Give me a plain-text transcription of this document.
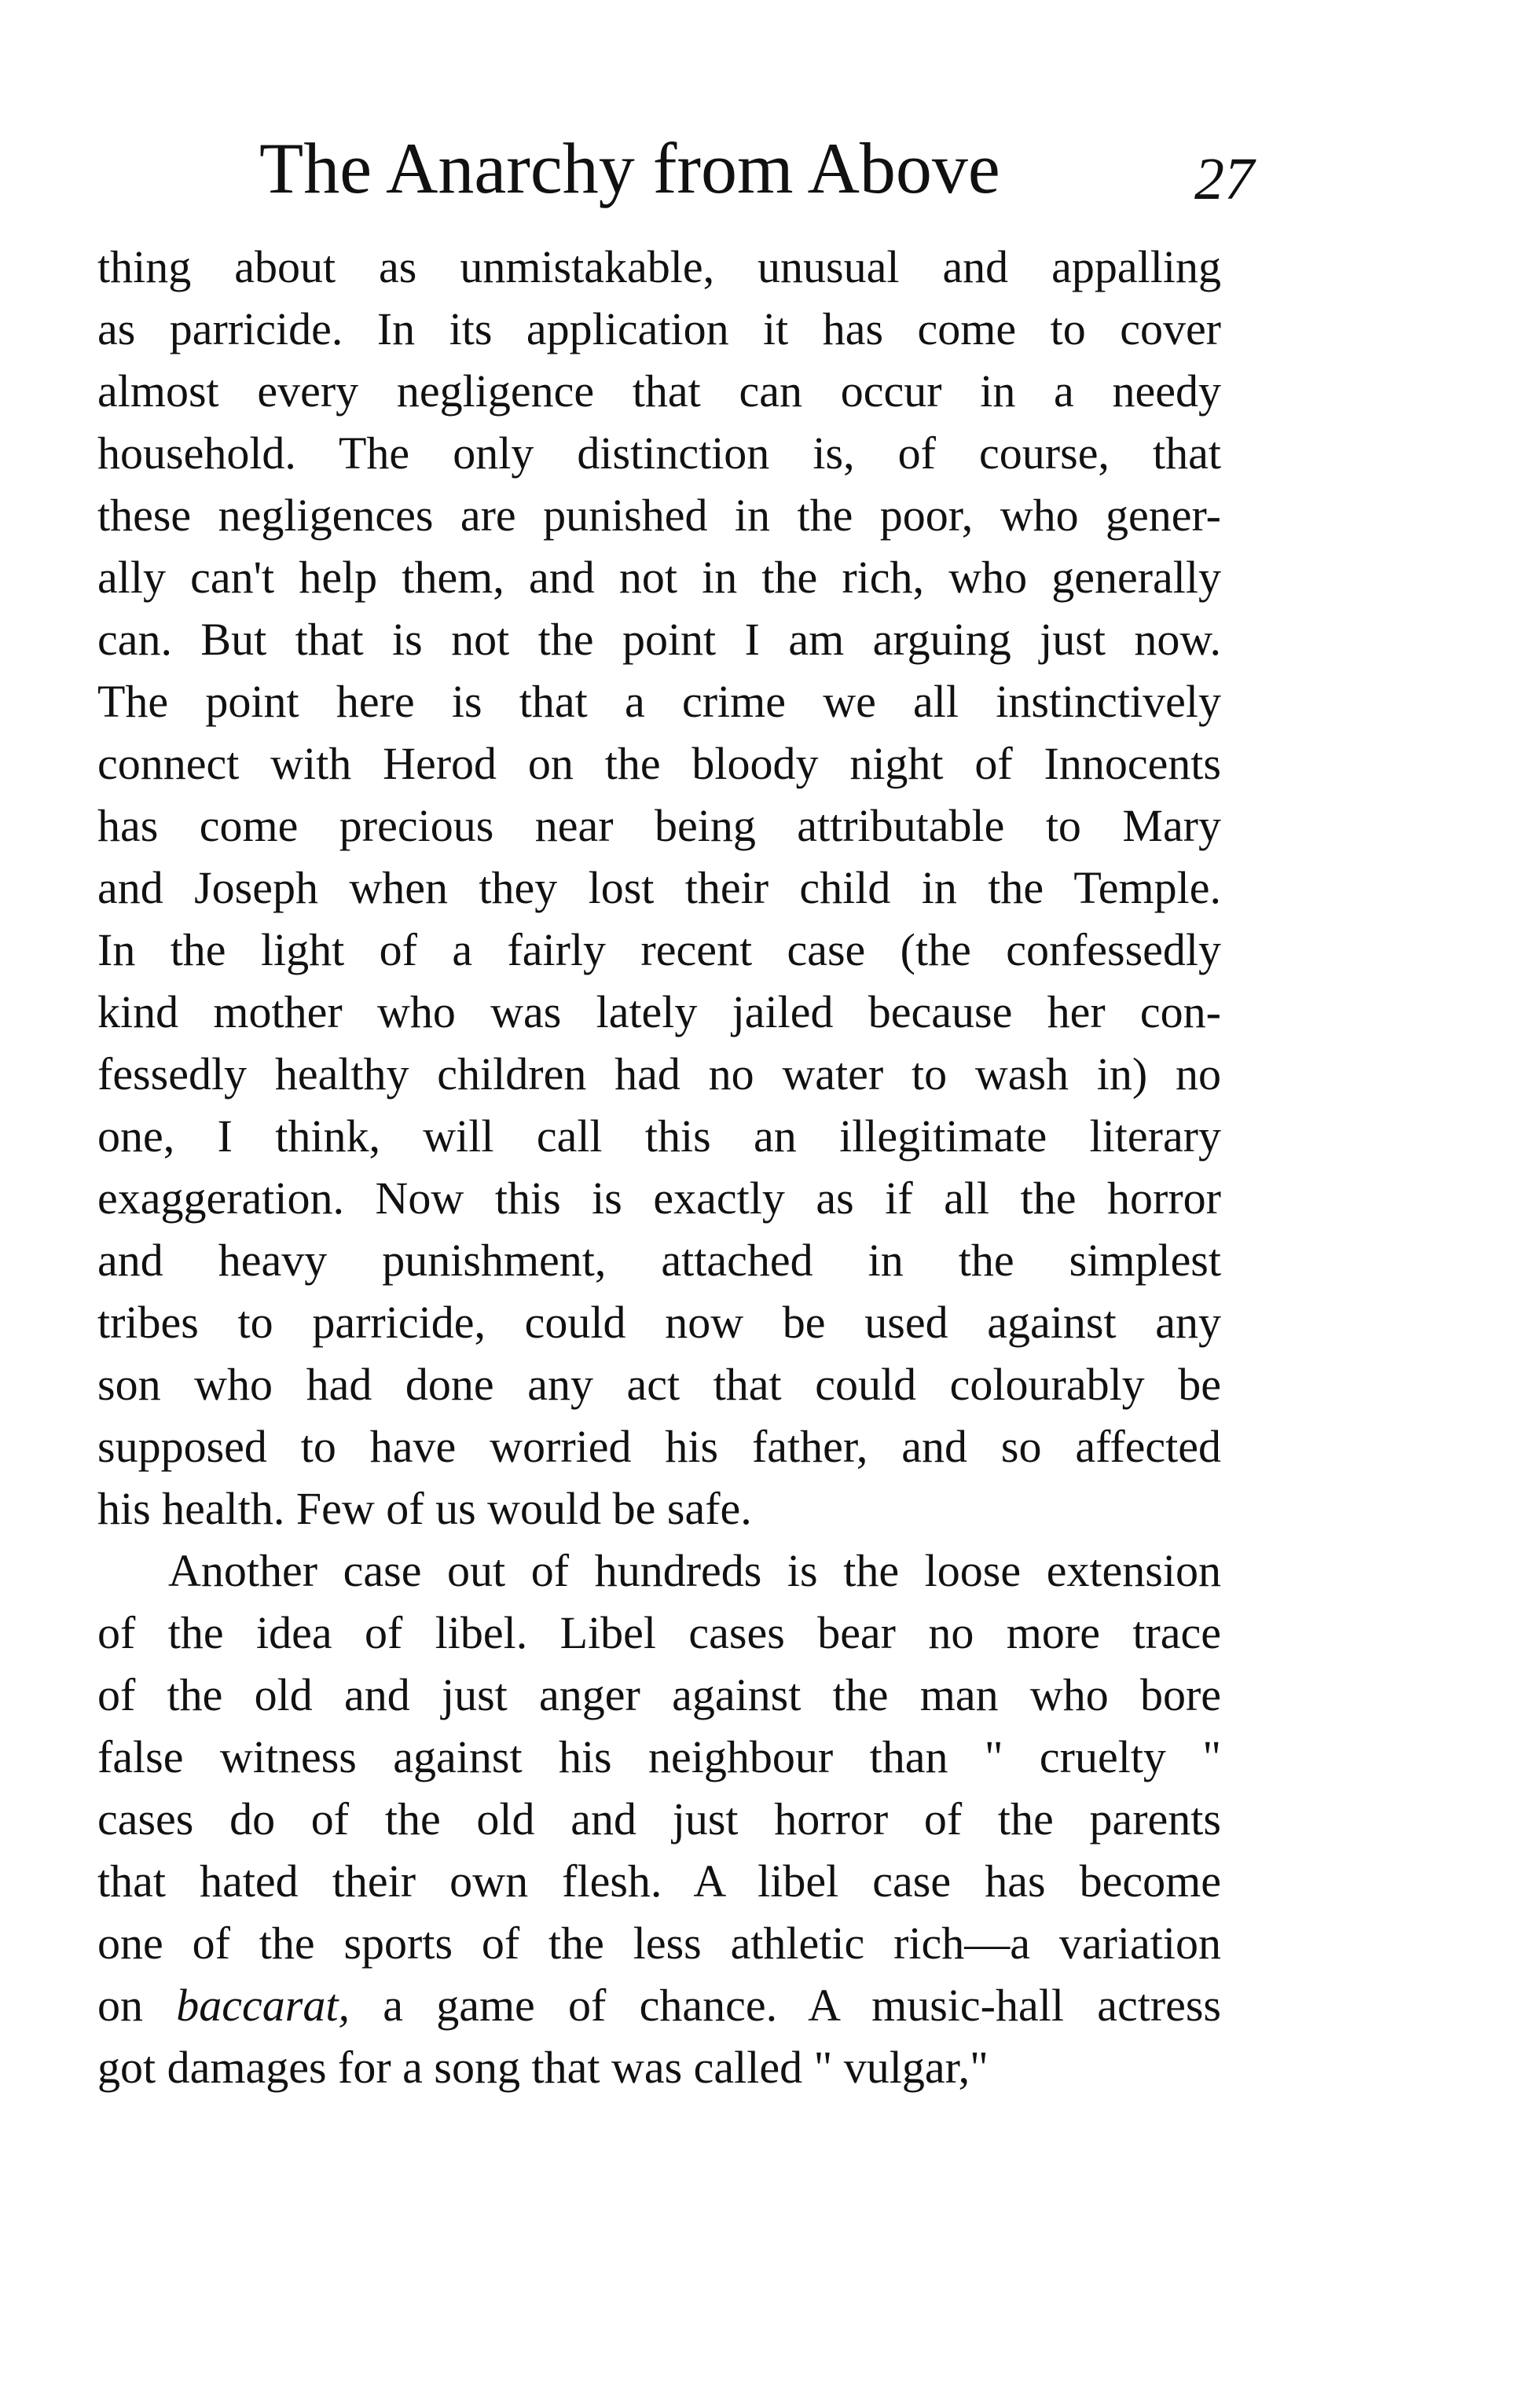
The Anarchy from Above	27
thing about as unmistakable, unusual and appalling
as parricide. In its application it has come to cover
almost every negligence that can occur in a needy
household. The only distinction is, of course, that
these negligences are punished in the poor, who gener-
ally can't help them, and not in the rich, who generally
can. But that is not the point I am arguing just now.
The point here is that a crime we all instinctively
connect with Herod on the bloody night of Innocents
has come precious near being attributable to Mary
and Joseph when they lost their child in the Temple.
In the light of a fairly recent case (the confessedly
kind mother who was lately jailed because her con-
fessedly healthy children had no water to wash in) no
one, I think, will call this an illegitimate literary
exaggeration. Now this is exactly as if all the horror
and heavy punishment, attached in the simplest
tribes to parricide, could now be used against any
son who had done any act that could colourably be
supposed to have worried his father, and so affected
his health. Few of us would be safe.
Another case out of hundreds is the loose extension
of the idea of libel. Libel cases bear no more trace
of the old and just anger against the man who bore
false witness against his neighbour than " cruelty "
cases do of the old and just horror of the parents
that hated their own flesh. A libel case has become
one of the sports of the less athletic rich—a variation
on baccarat, a game of chance. A music-hall actress
got damages for a song that was called " vulgar,"
